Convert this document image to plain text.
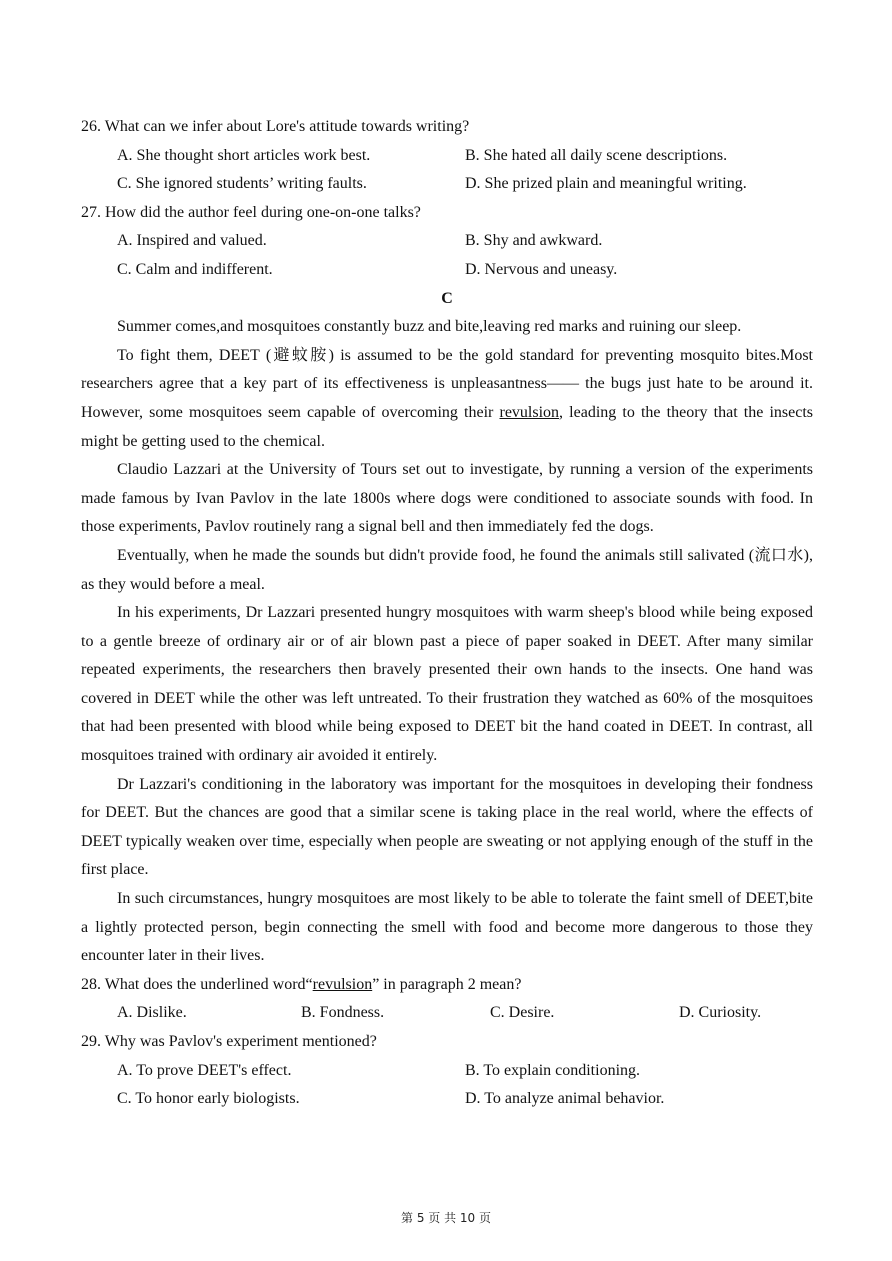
26. What can we infer about Lore's attitude towards writing?
A. She thought short articles work best.	B. She hated all daily scene descriptions.
C. She ignored students’ writing faults.	D. She prized plain and meaningful writing.
27. How did the author feel during one-on-one talks?
A. Inspired and valued.	B. Shy and awkward.
C. Calm and indifferent.	D. Nervous and uneasy.
C

Summer comes,and mosquitoes constantly buzz and bite,leaving red marks and ruining our sleep.

To fight them, DEET (避蚊胺) is assumed to be the gold standard for preventing mosquito bites.Most researchers agree that a key part of its effectiveness is unpleasantness—— the bugs just hate to be around it. However, some mosquitoes seem capable of overcoming their revulsion, leading to the theory that the insects might be getting used to the chemical.

Claudio Lazzari at the University of Tours set out to investigate, by running a version of the experiments made famous by Ivan Pavlov in the late 1800s where dogs were conditioned to associate sounds with food. In those experiments, Pavlov routinely rang a signal bell and then immediately fed the dogs.

Eventually, when he made the sounds but didn't provide food, he found the animals still salivated (流口水), as they would before a meal.

In his experiments, Dr Lazzari presented hungry mosquitoes with warm sheep's blood while being exposed to a gentle breeze of ordinary air or of air blown past a piece of paper soaked in DEET. After many similar repeated experiments, the researchers then bravely presented their own hands to the insects. One hand was covered in DEET while the other was left untreated. To their frustration they watched as 60% of the mosquitoes that had been presented with blood while being exposed to DEET bit the hand coated in DEET. In contrast, all mosquitoes trained with ordinary air avoided it entirely.

Dr Lazzari's conditioning in the laboratory was important for the mosquitoes in developing their fondness for DEET. But the chances are good that a similar scene is taking place in the real world, where the effects of DEET typically weaken over time, especially when people are sweating or not applying enough of the stuff in the first place.

In such circumstances, hungry mosquitoes are most likely to be able to tolerate the faint smell of DEET,bite a lightly protected person, begin connecting the smell with food and become more dangerous to those they encounter later in their lives.

28. What does the underlined word“revulsion” in paragraph 2 mean?
A. Dislike.	B. Fondness.	C. Desire.	D. Curiosity.
29. Why was Pavlov's experiment mentioned?
A. To prove DEET's effect.	B. To explain conditioning.
C. To honor early biologists.	D. To analyze animal behavior.
第 5 页 共 10 页
